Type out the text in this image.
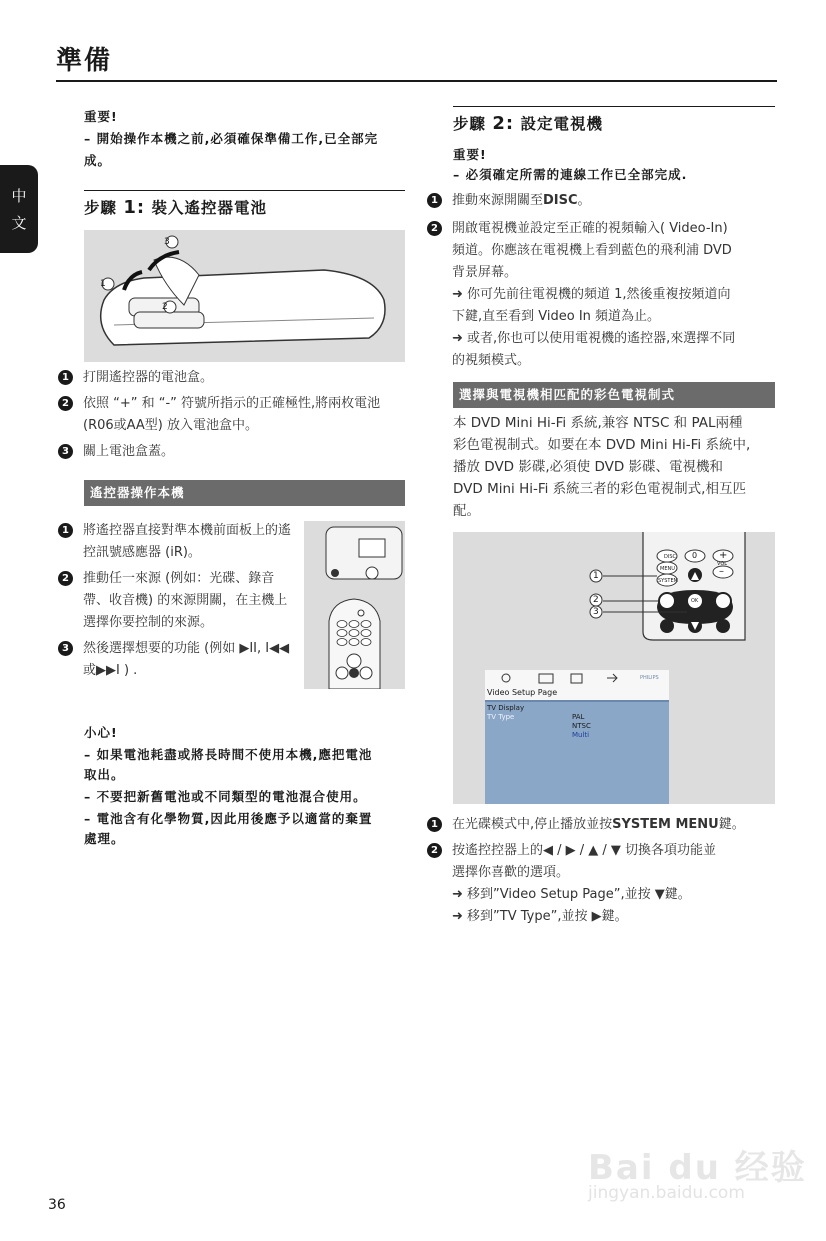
準備
中
文
重要!
– 開始操作本機之前,必須確保準備工作,已全部完
成。
步驟 1: 裝入遙控器電池
1
3
2
1	打開遙控器的電池盒。
2	依照 “+” 和 “-” 符號所指示的正確極性,將兩枚電池 (R06或AA型) 放入電池盒中。
3	關上電池盒蓋。
遙控器操作本機
1	將遙控器直接對準本機前面板上的遙控訊號感應器 (iR)。
2	推動任一來源 (例如：光碟、錄音帶、收音機) 的來源開關，在主機上選擇你要控制的來源。
3	然後選擇想要的功能 (例如 ▶II, I◀◀或▶▶I ) .
小心!
– 如果電池耗盡或將長時間不使用本機,應把電池
取出。
– 不要把新舊電池或不同類型的電池混合使用。
– 電池含有化學物質,因此用後應予以適當的棄置
處理。
步驟 2: 設定電視機
重要!
– 必須確定所需的連線工作已全部完成.
1	推動來源開關至DISC。
2	開啟電視機並設定至正確的視頻輸入( Video-In)
頻道。你應該在電視機上看到藍色的飛利浦 DVD
背景屏幕。
➜ 你可先前往電視機的頻道 1,然後重複按頻道向
下鍵,直至看到 Video In 頻道為止。
➜ 或者,你也可以使用電視機的遙控器,來選擇不同
的視頻模式。
選擇與電視機相匹配的彩色電視制式
本 DVD Mini Hi-Fi 系統,兼容 NTSC 和 PAL兩種
彩色電視制式。如要在本 DVD Mini Hi-Fi 系統中,
播放 DVD 影碟,必須使 DVD 影碟、電視機和
DVD Mini Hi-Fi 系統三者的彩色電視制式,相互匹
配。
DISC
MENU
SYSTEM
0 +
VOL
–
OK
1
2
3
PHILIPS
Video Setup Page
TV Display
TV Type	PAL
NTSC
Multi
1	在光碟模式中,停止播放並按SYSTEM MENU鍵。
2	按遙控控器上的◀ / ▶ / ▲ / ▼ 切換各項功能並
選擇你喜歡的選項。
➜ 移到”Video Setup Page”,並按 ▼鍵。
➜ 移到”TV Type”,並按 ▶鍵。
36
Bai du 经验
jingyan.baidu.com
